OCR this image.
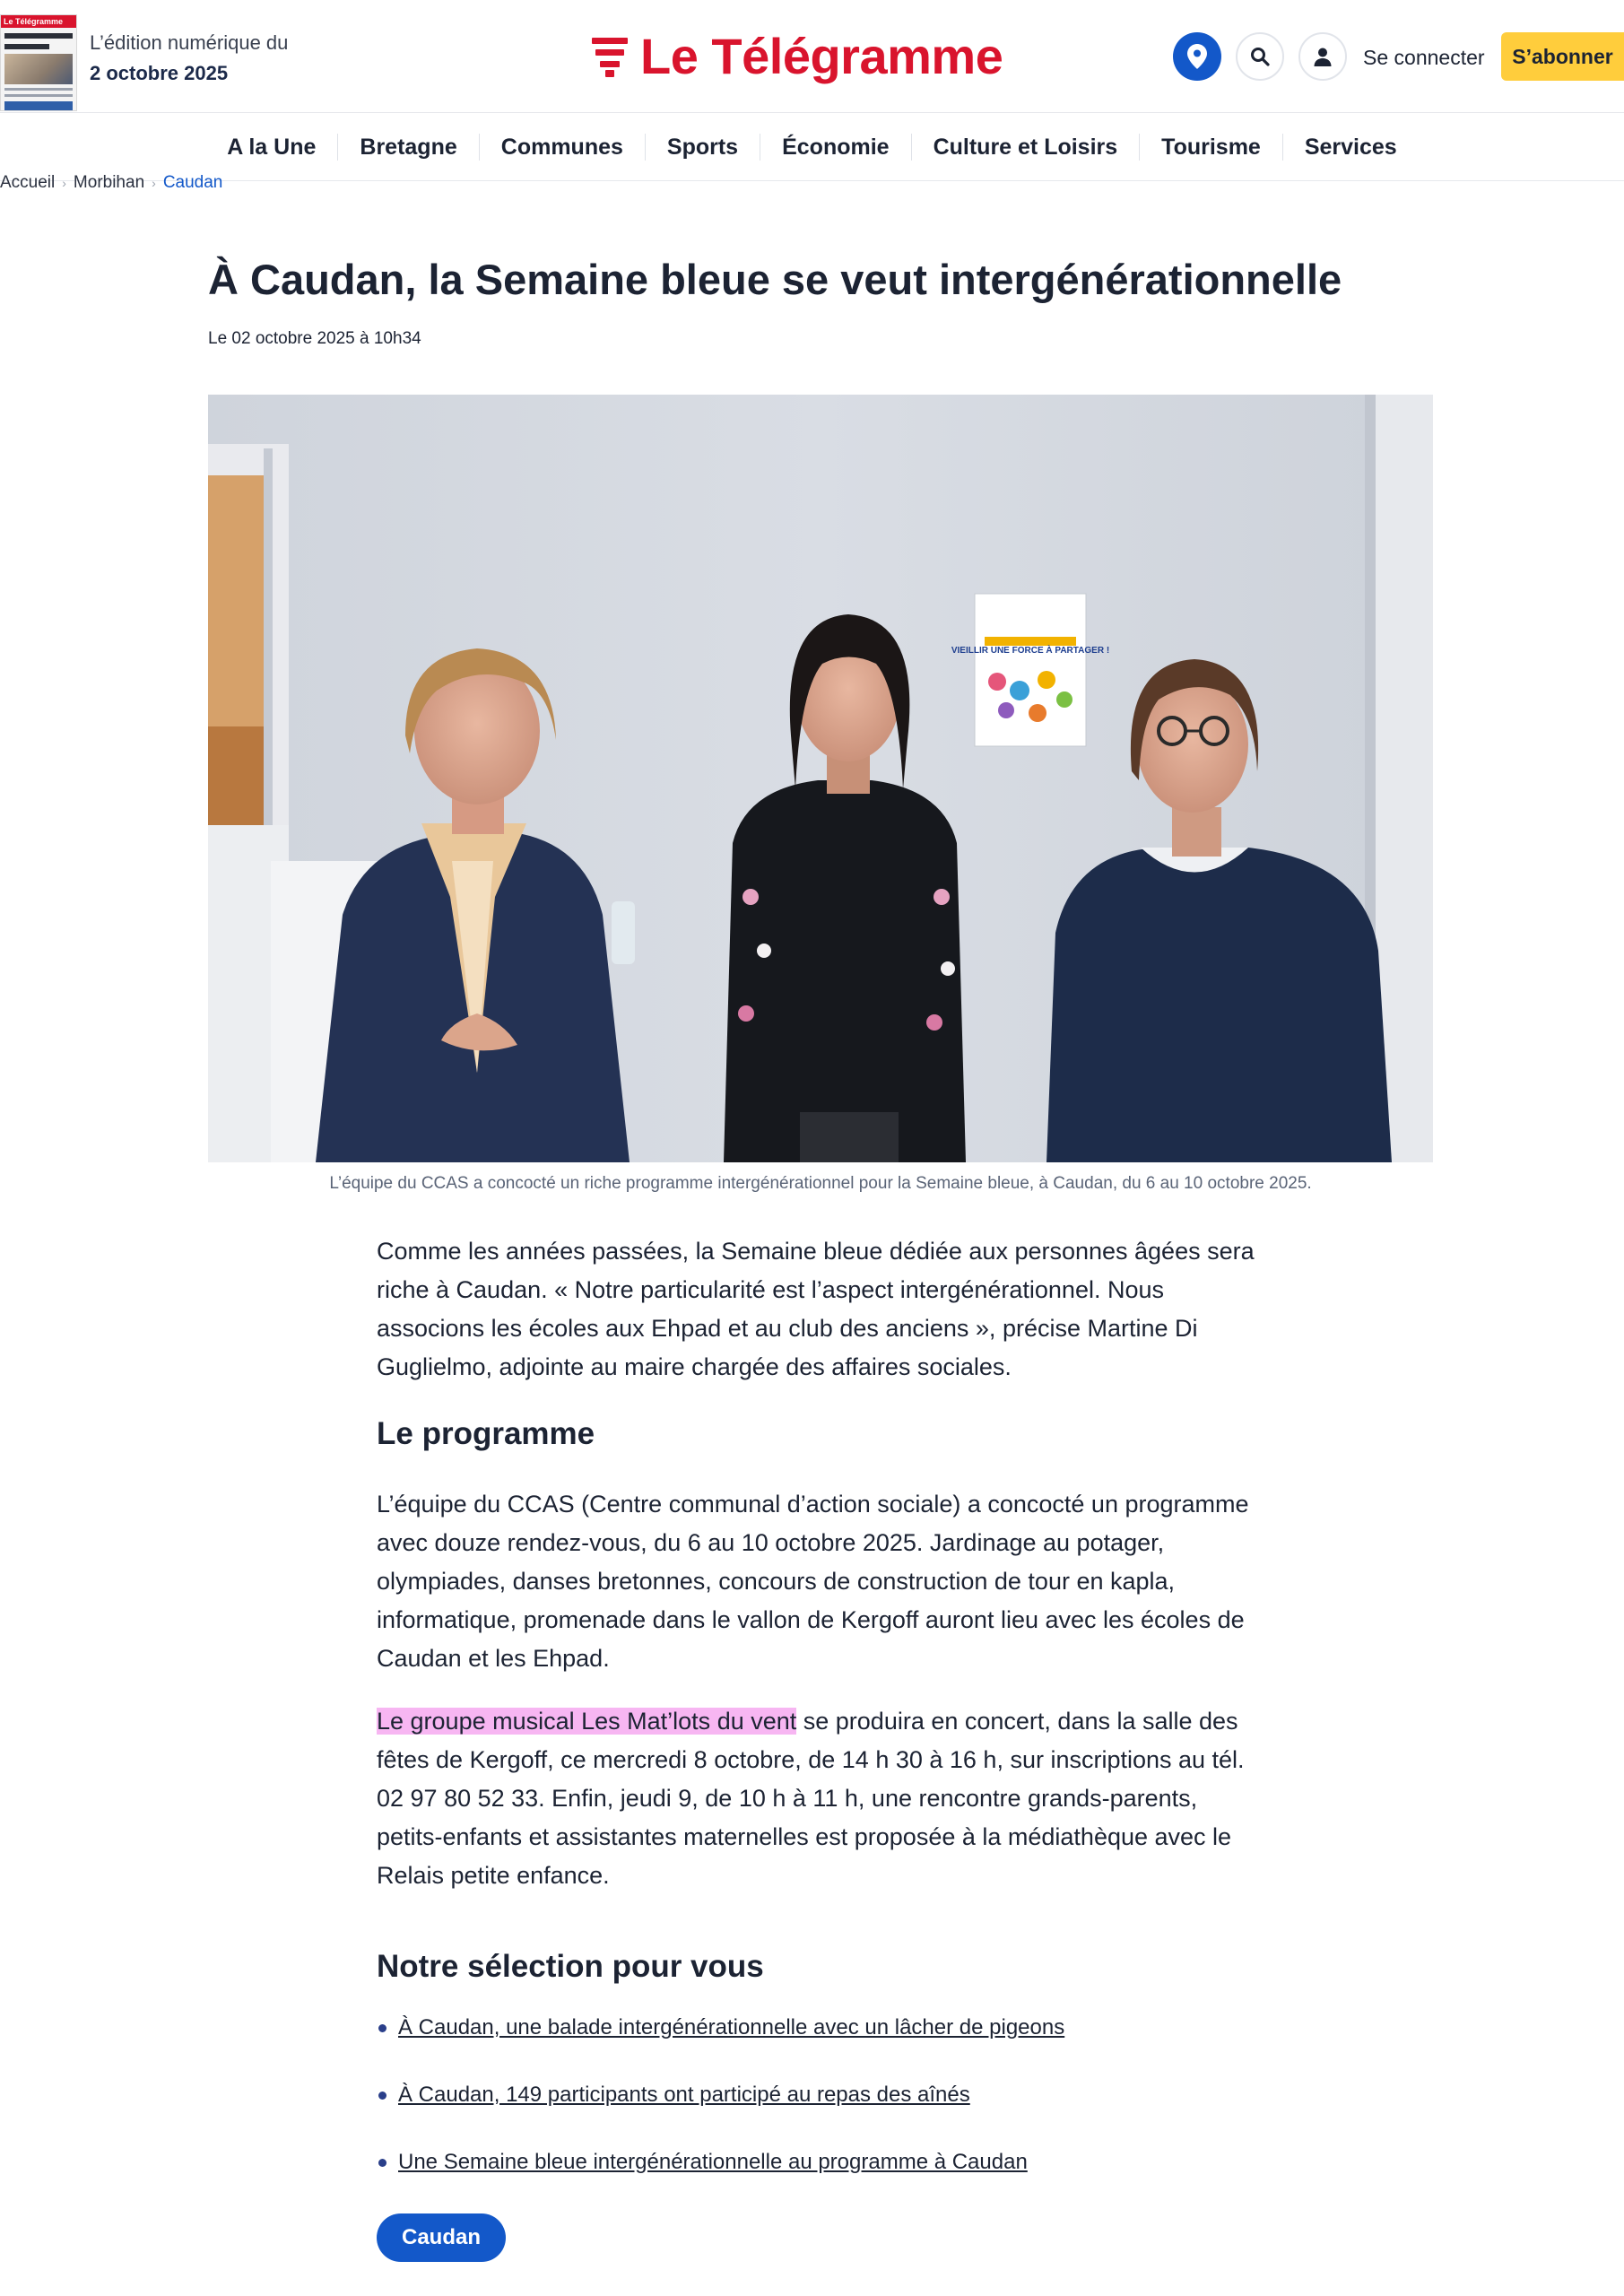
Le Télégramme
L’édition numérique du
2 octobre 2025	Le Télégramme	Se connecter	S’abonner
A la Une	Bretagne	Communes	Sports	Économie	Culture et Loisirs	Tourisme	Services
Accueil › Morbihan › Caudan
À Caudan, la Semaine bleue se veut intergénérationnelle
Le 02 octobre 2025 à 10h34
VIEILLIR UNE FORCE À PARTAGER !
L’équipe du CCAS a concocté un riche programme intergénérationnel pour la Semaine bleue, à Caudan, du 6 au 10 octobre 2025.

Comme les années passées, la Semaine bleue dédiée aux personnes âgées sera riche à Caudan. « Notre particularité est l’aspect intergénérationnel. Nous associons les écoles aux Ehpad et au club des anciens », précise Martine Di Guglielmo, adjointe au maire chargée des affaires sociales.

Le programme

L’équipe du CCAS (Centre communal d’action sociale) a concocté un programme avec douze rendez-vous, du 6 au 10 octobre 2025. Jardinage au potager, olympiades, danses bretonnes, concours de construction de tour en kapla, informatique, promenade dans le vallon de Kergoff auront lieu avec les écoles de Caudan et les Ehpad.

Le groupe musical Les Mat’lots du vent se produira en concert, dans la salle des fêtes de Kergoff, ce mercredi 8 octobre, de 14 h 30 à 16 h, sur inscriptions au tél. 02 97 80 52 33. Enfin, jeudi 9, de 10 h à 11 h, une rencontre grands-parents, petits-enfants et assistantes maternelles est proposée à la médiathèque avec le Relais petite enfance.

Notre sélection pour vous
À Caudan, une balade intergénérationnelle avec un lâcher de pigeons
À Caudan, 149 participants ont participé au repas des aînés
Une Semaine bleue intergénérationnelle au programme à Caudan
Caudan
